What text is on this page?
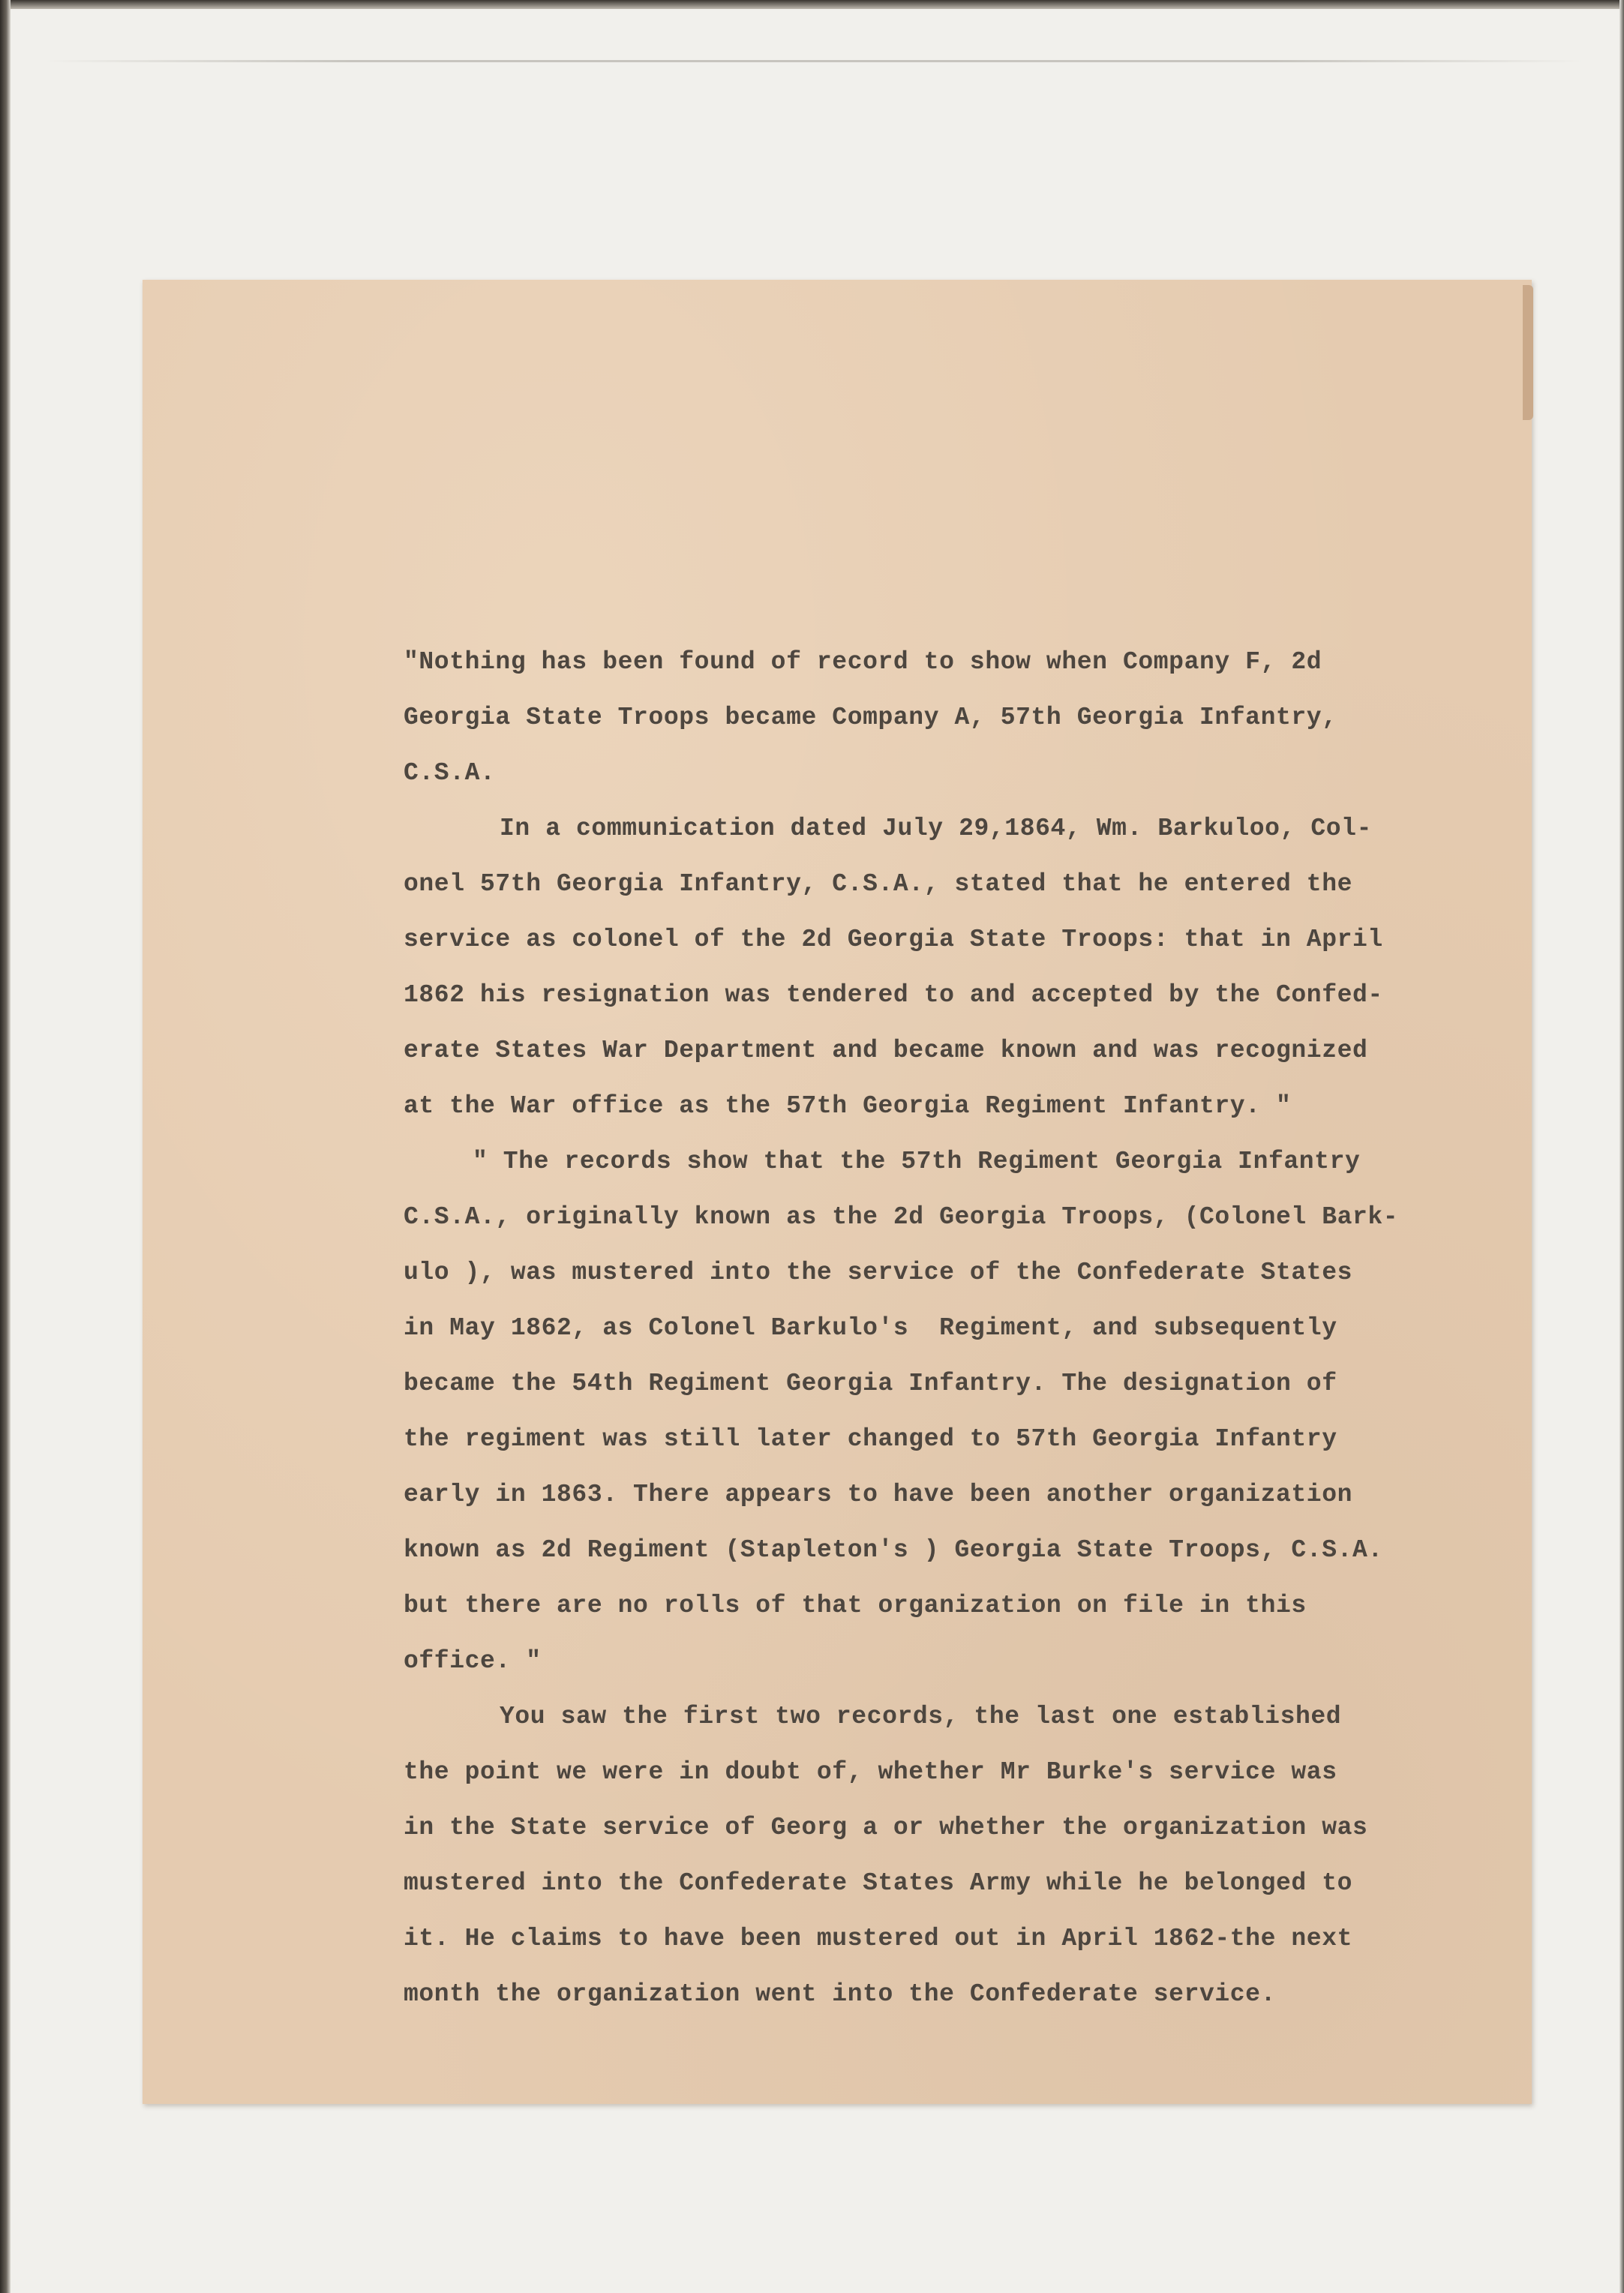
"Nothing has been found of record to show when Company F, 2d

Georgia State Troops became Company A, 57th Georgia Infantry,

C.S.A.

In a communication dated July 29,1864, Wm. Barkuloo, Col-

onel 57th Georgia Infantry, C.S.A., stated that he entered the

service as colonel of the 2d Georgia State Troops: that in April

1862 his resignation was tendered to and accepted by the Confed-

erate States War Department and became known and was recognized

at the War office as the 57th Georgia Regiment Infantry. "

" The records show that the 57th Regiment Georgia Infantry

C.S.A., originally known as the 2d Georgia Troops, (Colonel Bark-

ulo ), was mustered into the service of the Confederate States

in May 1862, as Colonel Barkulo's  Regiment, and subsequently

became the 54th Regiment Georgia Infantry. The designation of

the regiment was still later changed to 57th Georgia Infantry

early in 1863. There appears to have been another organization

known as 2d Regiment (Stapleton's ) Georgia State Troops, C.S.A.

but there are no rolls of that organization on file in this

office. "

You saw the first two records, the last one established

the point we were in doubt of, whether Mr Burke's service was

in the State service of Georg a or whether the organization was

mustered into the Confederate States Army while he belonged to

it. He claims to have been mustered out in April 1862-the next

month the organization went into the Confederate service.
